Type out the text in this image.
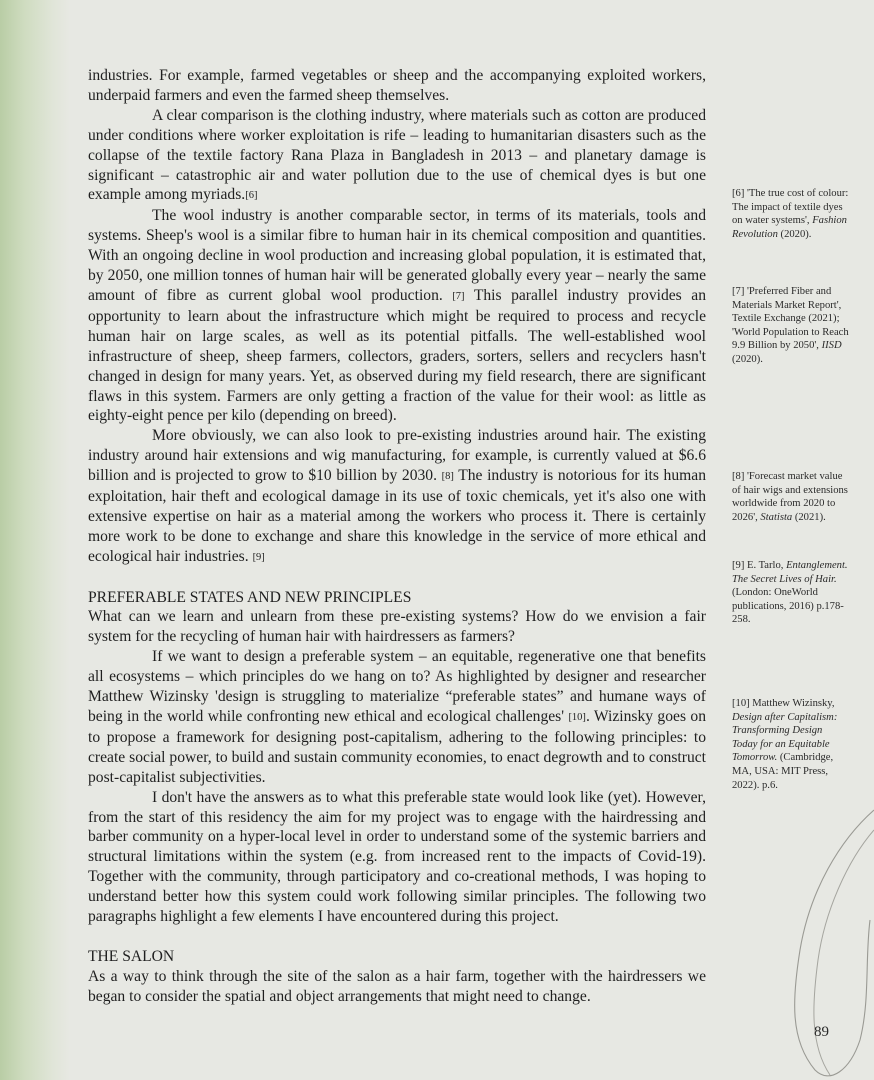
industries. For example, farmed vegetables or sheep and the accompanying exploited workers, underpaid farmers and even the farmed sheep themselves.

A clear comparison is the clothing industry, where materials such as cotton are produced under conditions where worker exploitation is rife – leading to humanitarian disasters such as the collapse of the textile factory Rana Plaza in Bangladesh in 2013 – and planetary damage is significant – catastrophic air and water pollution due to the use of chemical dyes is but one example among myriads.[6]

The wool industry is another comparable sector, in terms of its materials, tools and systems. Sheep's wool is a similar fibre to human hair in its chemical composition and quantities. With an ongoing decline in wool production and increasing global population, it is estimated that, by 2050, one million tonnes of human hair will be generated globally every year – nearly the same amount of fibre as current global wool production. [7] This parallel industry provides an opportunity to learn about the infrastructure which might be required to process and recycle human hair on large scales, as well as its potential pitfalls. The well-established wool infrastructure of sheep, sheep farmers, collectors, graders, sorters, sellers and recyclers hasn't changed in design for many years. Yet, as observed during my field research, there are significant flaws in this system. Farmers are only getting a fraction of the value for their wool: as little as eighty-eight pence per kilo (depending on breed).

More obviously, we can also look to pre-existing industries around hair. The existing industry around hair extensions and wig manufacturing, for example, is currently valued at $6.6 billion and is projected to grow to $10 billion by 2030. [8] The industry is notorious for its human exploitation, hair theft and ecological damage in its use of toxic chemicals, yet it's also one with extensive expertise on hair as a material among the workers who process it. There is certainly more work to be done to exchange and share this knowledge in the service of more ethical and ecological hair industries. [9]

PREFERABLE STATES AND NEW PRINCIPLES

What can we learn and unlearn from these pre-existing systems? How do we envision a fair system for the recycling of human hair with hairdressers as farmers?

If we want to design a preferable system – an equitable, regenerative one that benefits all ecosystems – which principles do we hang on to? As highlighted by designer and researcher Matthew Wizinsky 'design is struggling to materialize “preferable states” and humane ways of being in the world while confronting new ethical and ecological challenges' [10]. Wizinsky goes on to propose a framework for designing post-capitalism, adhering to the following principles: to create social power, to build and sustain community economies, to enact degrowth and to construct post-capitalist subjectivities.

I don't have the answers as to what this preferable state would look like (yet). However, from the start of this residency the aim for my project was to engage with the hairdressing and barber community on a hyper-local level in order to understand some of the systemic barriers and structural limitations within the system (e.g. from increased rent to the impacts of Covid-19). Together with the community, through participatory and co-creational methods, I was hoping to understand better how this system could work following similar principles. The following two paragraphs highlight a few elements I have encountered during this project.

THE SALON

As a way to think through the site of the salon as a hair farm, together with the hairdressers we began to consider the spatial and object arrangements that might need to change.

[6] 'The true cost of colour: The impact of textile dyes on water systems', Fashion Revolution (2020).
[7] 'Preferred Fiber and Materials Market Report', Textile Exchange (2021); 'World Population to Reach 9.9 Billion by 2050', IISD (2020).
[8] 'Forecast market value of hair wigs and extensions worldwide from 2020 to 2026', Statista (2021).
[9] E. Tarlo, Entanglement. The Secret Lives of Hair. (London: OneWorld publications, 2016) p.178-258.
[10] Matthew Wizinsky, Design after Capitalism: Transforming Design Today for an Equitable Tomorrow. (Cambridge, MA, USA: MIT Press, 2022). p.6.
89
